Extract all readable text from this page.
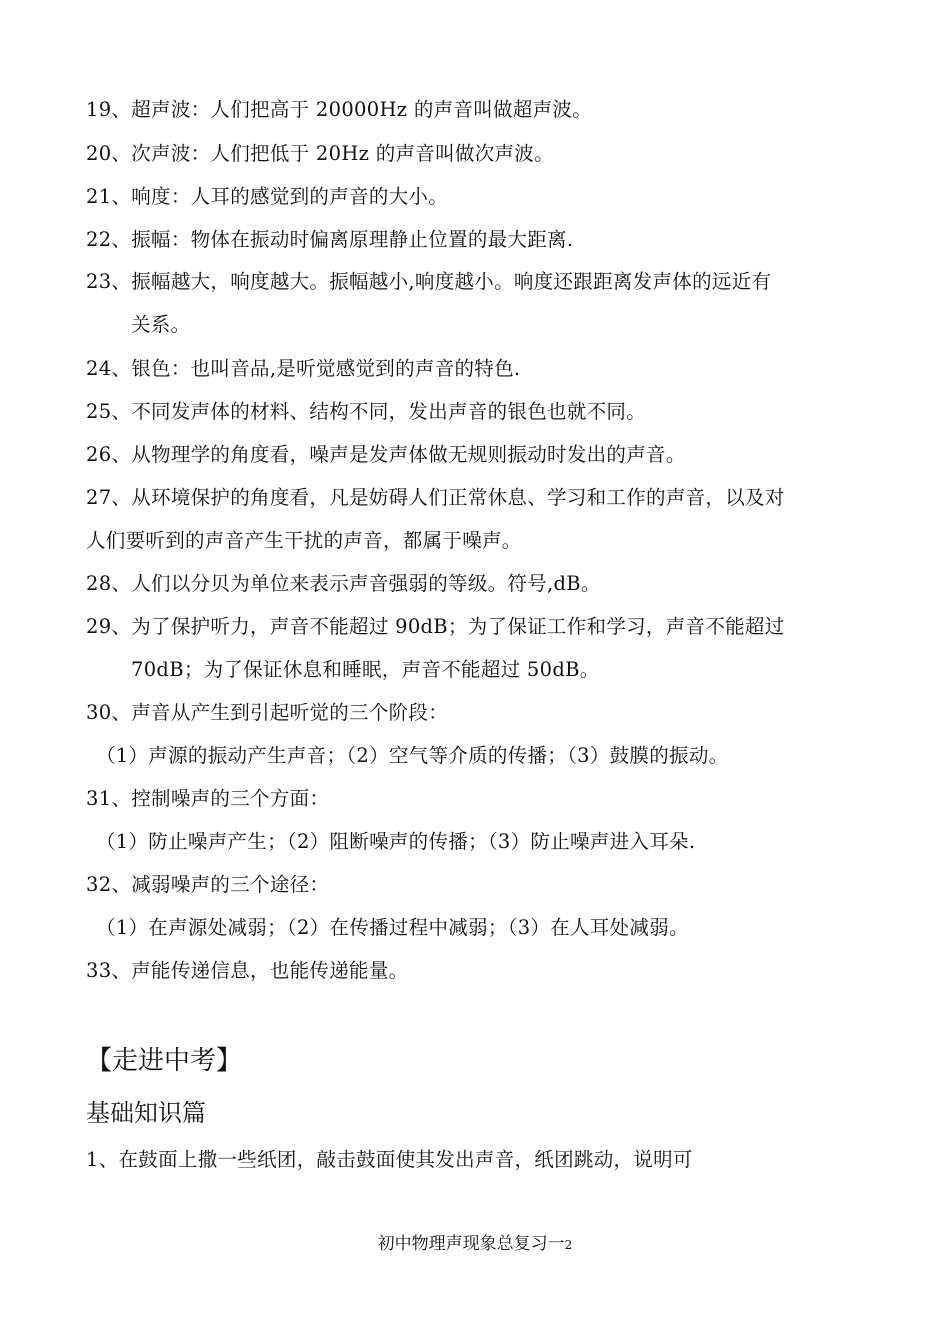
19、超声波：人们把高于 20000Hz 的声音叫做超声波。
20、次声波：人们把低于 20Hz 的声音叫做次声波。
21、响度：人耳的感觉到的声音的大小。
22、振幅：物体在振动时偏离原理静止位置的最大距离.
23、振幅越大，响度越大。振幅越小,响度越小。响度还跟距离发声体的远近有
关系。
24、银色：也叫音品,是听觉感觉到的声音的特色.
25、不同发声体的材料、结构不同，发出声音的银色也就不同。
26、从物理学的角度看，噪声是发声体做无规则振动时发出的声音。
27、从环境保护的角度看，凡是妨碍人们正常休息、学习和工作的声音，以及对
人们要听到的声音产生干扰的声音，都属于噪声。
28、人们以分贝为单位来表示声音强弱的等级。符号,dB。
29、为了保护听力，声音不能超过 90dB；为了保证工作和学习，声音不能超过
70dB；为了保证休息和睡眠，声音不能超过 50dB。
30、声音从产生到引起听觉的三个阶段：
（1）声源的振动产生声音；（2）空气等介质的传播；（3）鼓膜的振动。
31、控制噪声的三个方面：
（1）防止噪声产生；（2）阻断噪声的传播；（3）防止噪声进入耳朵.
32、减弱噪声的三个途径：
（1）在声源处减弱；（2）在传播过程中减弱；（3）在人耳处减弱。
33、声能传递信息，也能传递能量。
【走进中考】
基础知识篇
1、在鼓面上撒一些纸团，敲击鼓面使其发出声音，纸团跳动，说明可
初中物理声现象总复习一2
